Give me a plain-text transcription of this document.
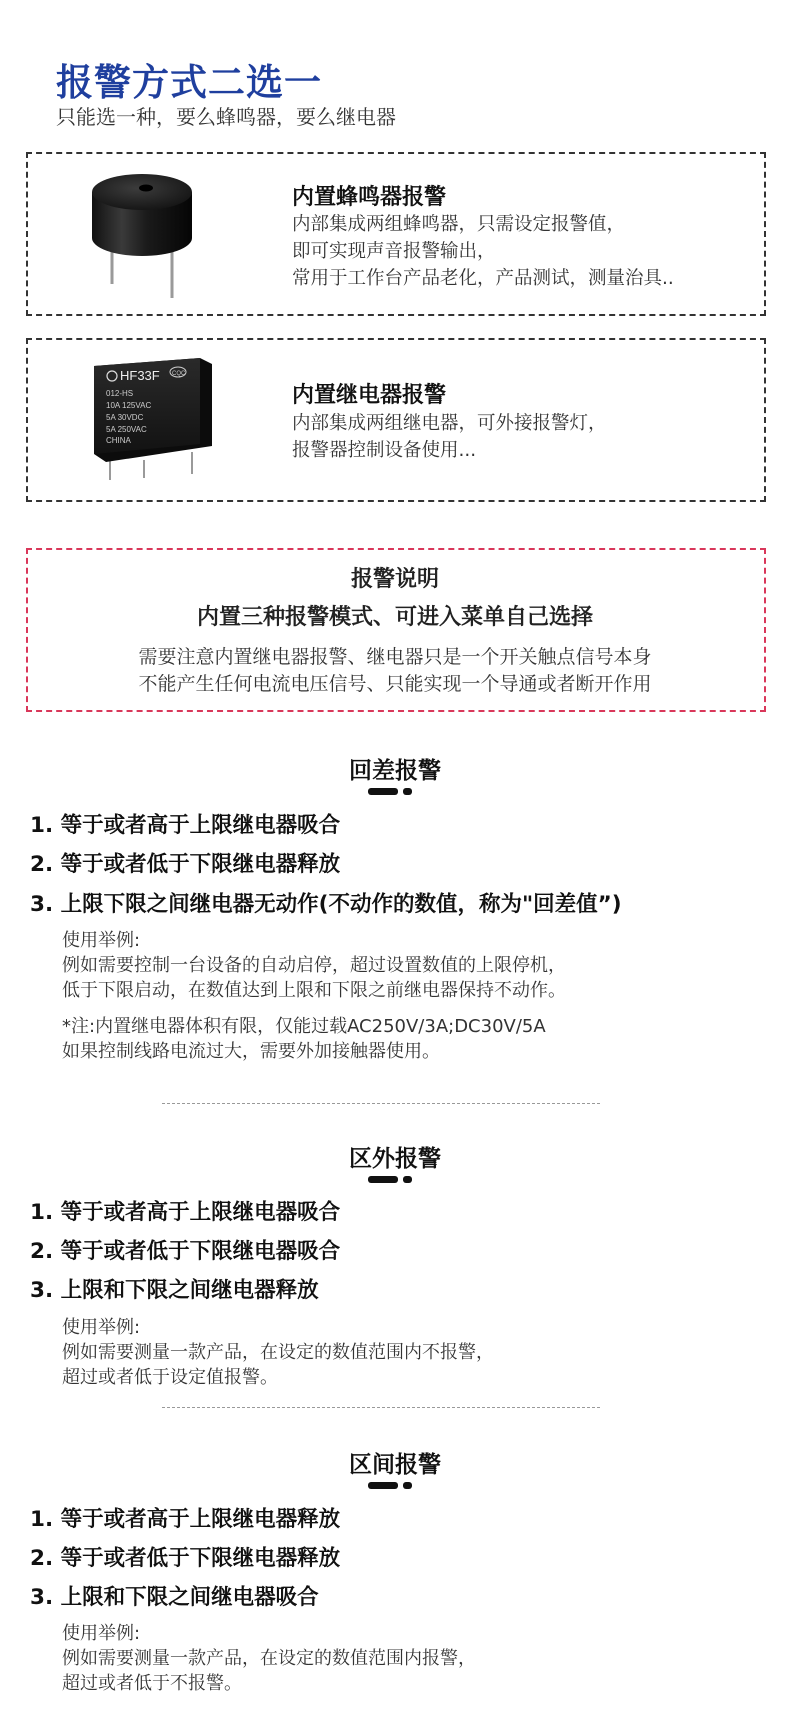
报警方式二选一
只能选一种，要么蜂鸣器，要么继电器
内置蜂鸣器报警
内部集成两组蜂鸣器，只需设定报警值，
即可实现声音报警输出，
常用于工作台产品老化，产品测试，测量治具..
HF33F CQC
012-HS
10A 125VAC
5A 30VDC
5A 250VAC
CHINA
内置继电器报警
内部集成两组继电器，可外接报警灯，
报警器控制设备使用...
报警说明
内置三种报警模式、可进入菜单自己选择
需要注意内置继电器报警、继电器只是一个开关触点信号本身
不能产生任何电流电压信号、只能实现一个导通或者断开作用
回差报警
1. 等于或者高于上限继电器吸合
2. 等于或者低于下限继电器释放
3. 上限下限之间继电器无动作(不动作的数值，称为"回差值”)
使用举例:
例如需要控制一台设备的自动启停，超过设置数值的上限停机，
低于下限启动，在数值达到上限和下限之前继电器保持不动作。
*注:内置继电器体积有限，仅能过载AC250V/3A;DC30V/5A
如果控制线路电流过大，需要外加接触器使用。
区外报警
1. 等于或者高于上限继电器吸合
2. 等于或者低于下限继电器吸合
3. 上限和下限之间继电器释放
使用举例:
例如需要测量一款产品，在设定的数值范围内不报警，
超过或者低于设定值报警。
区间报警
1. 等于或者高于上限继电器释放
2. 等于或者低于下限继电器释放
3. 上限和下限之间继电器吸合
使用举例:
例如需要测量一款产品，在设定的数值范围内报警，
超过或者低于不报警。
